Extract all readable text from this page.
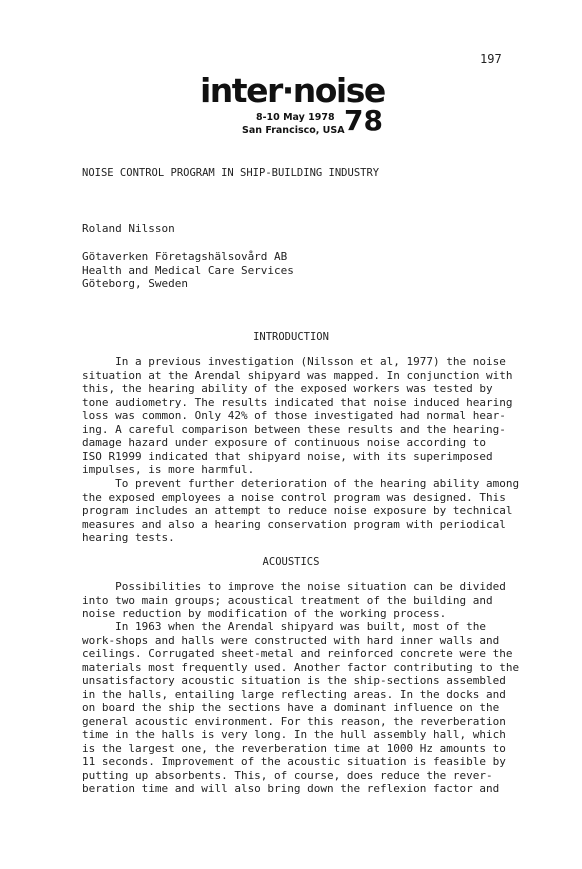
197
inter·noise
8-10 May 1978
San Francisco, USA 78
NOISE CONTROL PROGRAM IN SHIP-BUILDING INDUSTRY
Roland Nilsson
Götaverken Företagshälsovård AB
Health and Medical Care Services
Göteborg, Sweden
INTRODUCTION
In a previous investigation (Nilsson et al, 1977) the noise
situation at the Arendal shipyard was mapped. In conjunction with
this, the hearing ability of the exposed workers was tested by
tone audiometry. The results indicated that noise induced hearing
loss was common. Only 42% of those investigated had normal hear-
ing. A careful comparison between these results and the hearing-
damage hazard under exposure of continuous noise according to
ISO R1999 indicated that shipyard noise, with its superimposed
impulses, is more harmful.
To prevent further deterioration of the hearing ability among
the exposed employees a noise control program was designed. This
program includes an attempt to reduce noise exposure by technical
measures and also a hearing conservation program with periodical
hearing tests.
ACOUSTICS
Possibilities to improve the noise situation can be divided
into two main groups; acoustical treatment of the building and
noise reduction by modification of the working process.
In 1963 when the Arendal shipyard was built, most of the
work-shops and halls were constructed with hard inner walls and
ceilings. Corrugated sheet-metal and reinforced concrete were the
materials most frequently used. Another factor contributing to the
unsatisfactory acoustic situation is the ship-sections assembled
in the halls, entailing large reflecting areas. In the docks and
on board the ship the sections have a dominant influence on the
general acoustic environment. For this reason, the reverberation
time in the halls is very long. In the hull assembly hall, which
is the largest one, the reverberation time at 1000 Hz amounts to
11 seconds. Improvement of the acoustic situation is feasible by
putting up absorbents. This, of course, does reduce the rever-
beration time and will also bring down the reflexion factor and
